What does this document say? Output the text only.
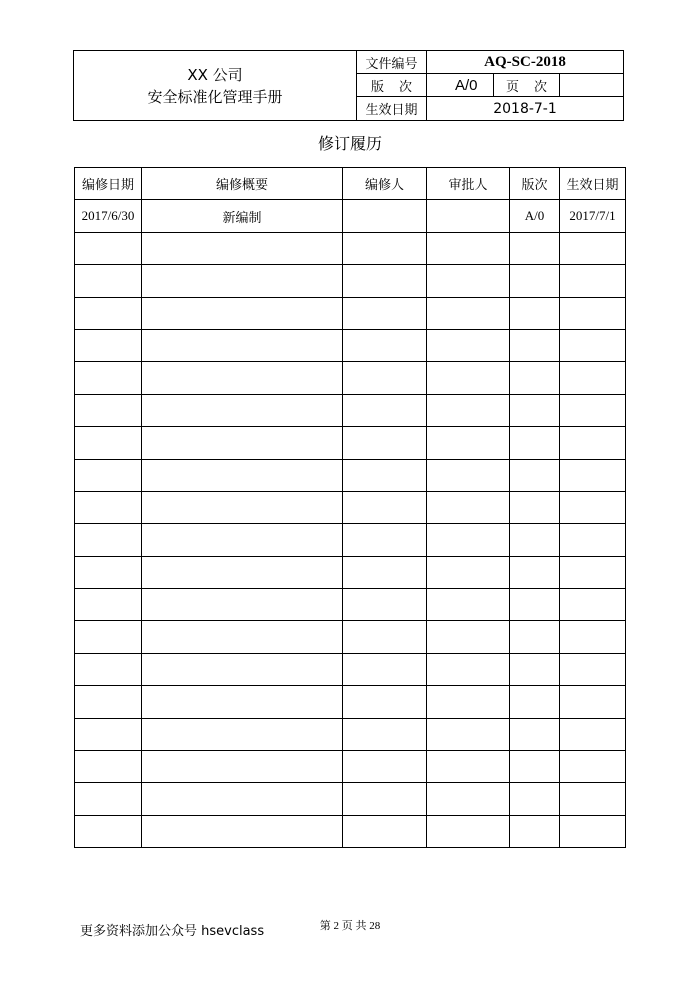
XX 公司
安全标准化管理手册
文件编号	AQ-SC-2018
版 次	A/0	页 次
生效日期	2018-7-1
修订履历
编修日期	编修概要	编修人	审批人	版次	生效日期
2017/6/30	新编制			A/0	2017/7/1

更多资料添加公众号 hsevclass	第 2 页 共 28
